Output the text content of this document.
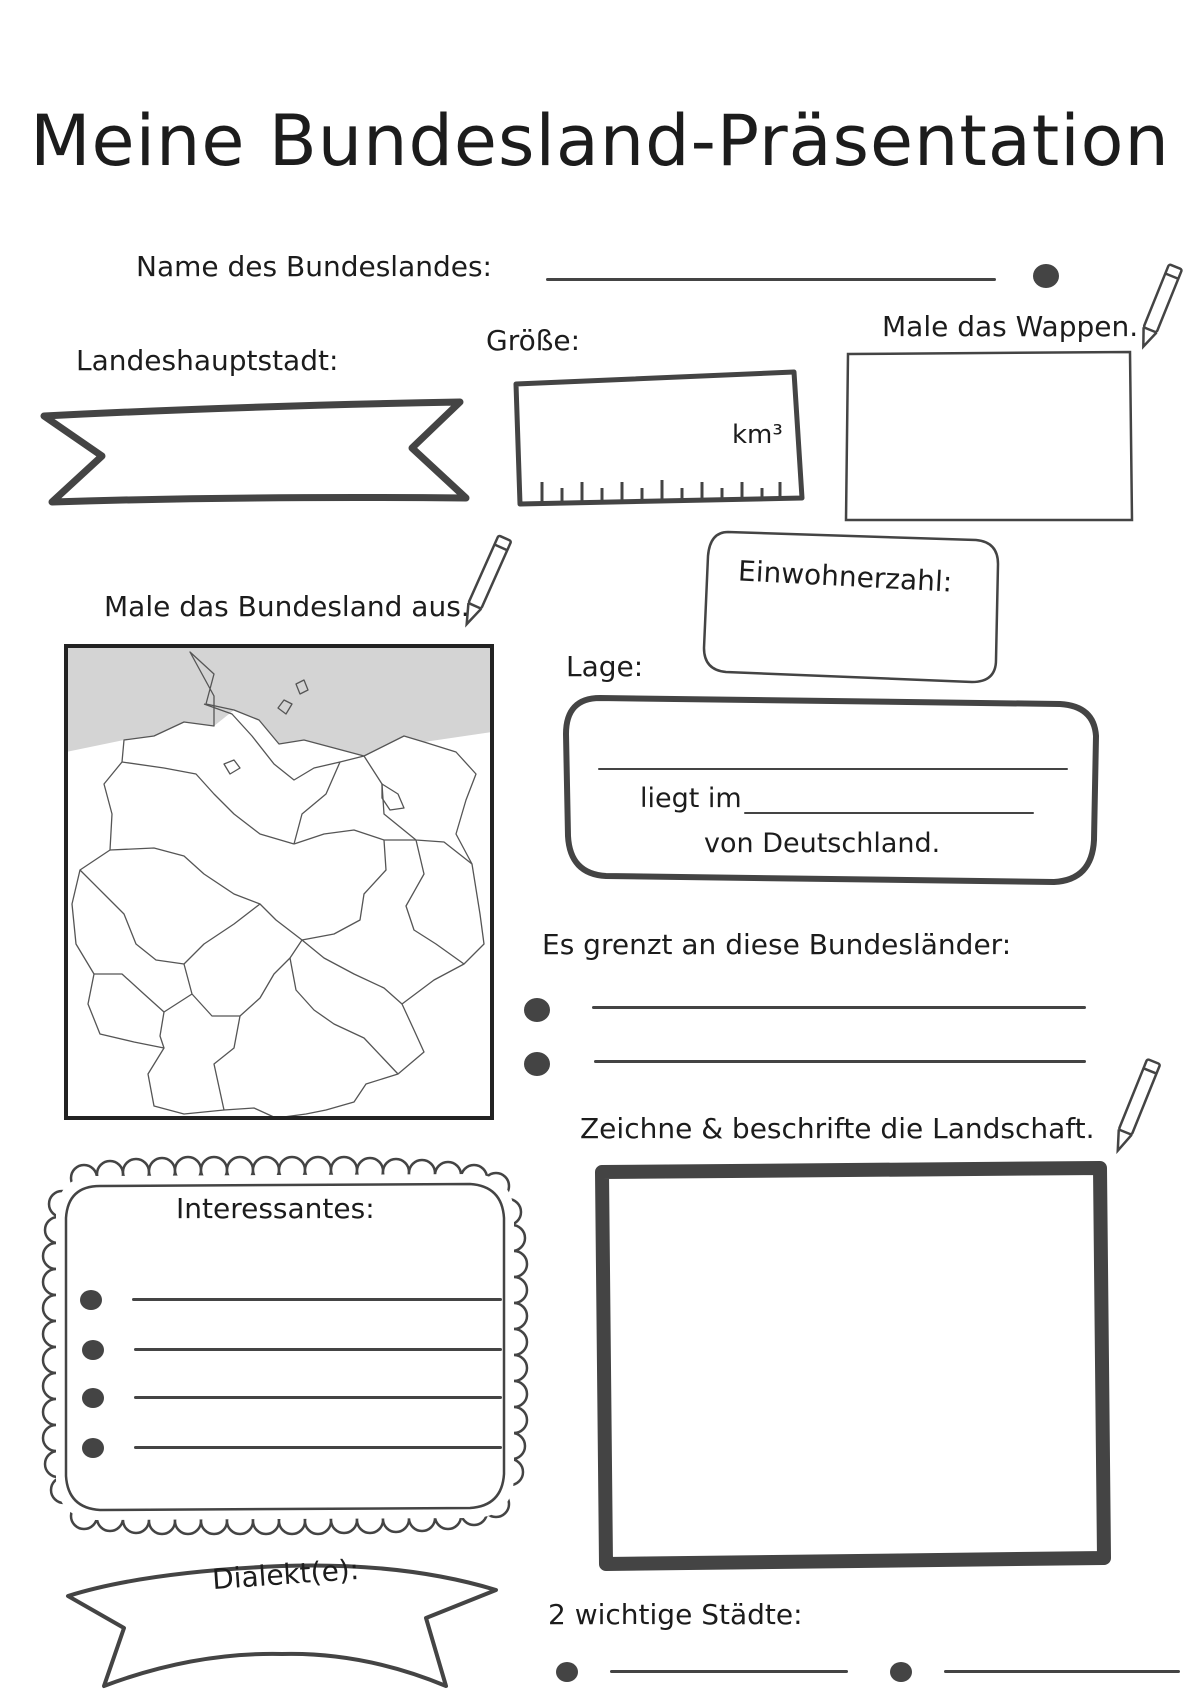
Meine Bundesland-Präsentation
Name des Bundeslandes:
Landeshauptstadt:
Größe:
km³
Male das Wappen.
Male das Bundesland aus.
Einwohnerzahl:
Lage:
liegt im
von Deutschland.
Es grenzt an diese Bundesländer:
Zeichne & beschrifte die Landschaft.
Interessantes:
Dialekt(e):
2 wichtige Städte:
